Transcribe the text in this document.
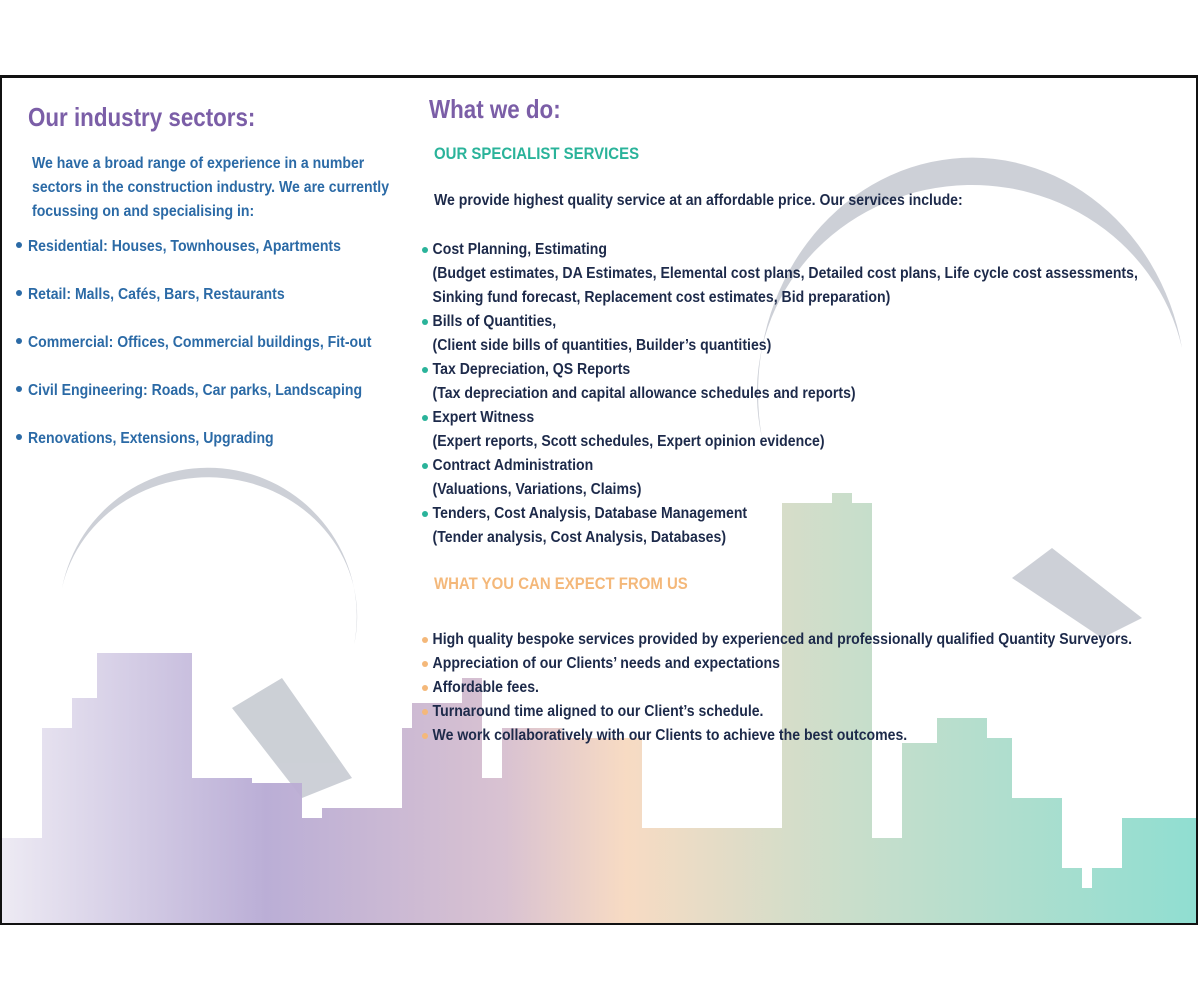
Our industry sectors:
We have a broad range of experience in a number sectors in the construction industry. We are currently focussing on and specialising in:
Residential: Houses, Townhouses, Apartments
Retail: Malls, Cafés, Bars, Restaurants
Commercial: Offices, Commercial buildings, Fit-out
Civil Engineering: Roads, Car parks, Landscaping
Renovations, Extensions, Upgrading
What we do:
OUR SPECIALIST SERVICES
We provide highest quality service at an affordable price. Our services include:
Cost Planning, Estimating
(Budget estimates, DA Estimates, Elemental cost plans, Detailed cost plans, Life cycle cost assessments,
Sinking fund forecast, Replacement cost estimates, Bid preparation)
Bills of Quantities,
(Client side bills of quantities, Builder’s quantities)
Tax Depreciation, QS Reports
(Tax depreciation and capital allowance schedules and reports)
Expert Witness
(Expert reports, Scott schedules, Expert opinion evidence)
Contract Administration
(Valuations, Variations, Claims)
Tenders, Cost Analysis, Database Management
(Tender analysis, Cost Analysis, Databases)
WHAT YOU CAN EXPECT FROM US
High quality bespoke services provided by experienced and professionally qualified Quantity Surveyors.
Appreciation of our Clients’ needs and expectations
Affordable fees.
Turnaround time aligned to our Client’s schedule.
We work collaboratively with our Clients to achieve the best outcomes.
